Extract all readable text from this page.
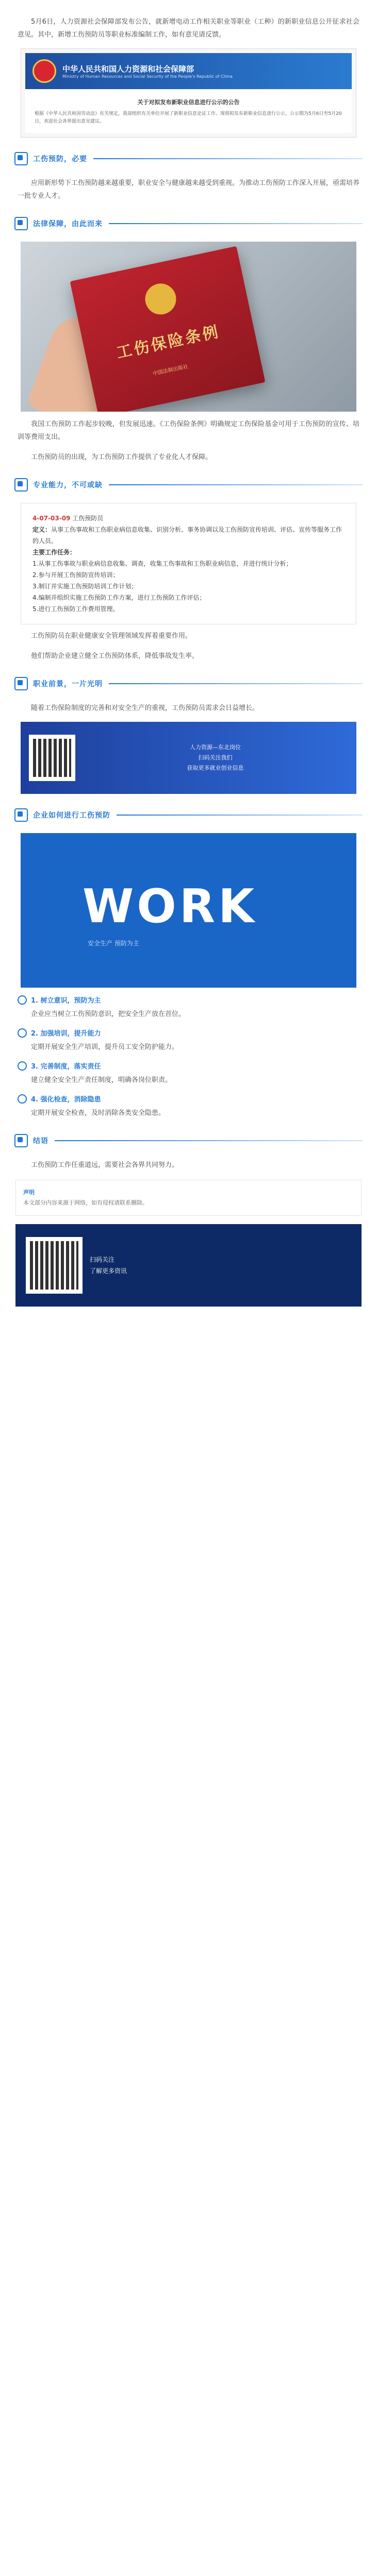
5月6日，人力资源社会保障部发布公告，就新增电动工作相关职业等职业（工种）的新职业信息公开征求社会意见。其中，新增工伤预防员等职业标准编制工作，如有意见请反馈。

中华人民共和国人力资源和社会保障部
Ministry of Human Resources and Social Security of the People's Republic of China
关于对拟发布新职业信息进行公示的公告
根据《中华人民共和国劳动法》有关规定，我部组织有关单位开展了新职业信息论证工作。现将拟发布新职业信息进行公示，公示期为5月6日至5月20日，欢迎社会各界提出意见建议。
工伤预防，必要

应用新形势下工伤预防越来越重要，职业安全与健康越来越受到重视。为推动工伤预防工作深入开展，亟需培养一批专业人才。

法律保障，由此而来
工伤保险条例
中国法制出版社

我国工伤预防工作起步较晚，但发展迅速。《工伤保险条例》明确规定工伤保险基金可用于工伤预防的宣传、培训等费用支出。

工伤预防员的出现，为工伤预防工作提供了专业化人才保障。

专业能力，不可或缺
4-07-03-09 工伤预防员
定义：从事工伤事故和工伤职业病信息收集、识别分析、事务协调以及工伤预防宣传培训、评估、宣传等服务工作的人员。
主要工作任务：
1.从事工伤事故与职业病信息收集、调查，收集工伤事故和工伤职业病信息，并进行统计分析；
2.参与开展工伤预防宣传培训；
3.制订并实施工伤预防培训工作计划；
4.编制并组织实施工伤预防工作方案，进行工伤预防工作评估；
5.进行工伤预防工作费用管理。

工伤预防员在职业健康安全管理领域发挥着重要作用。

他们帮助企业建立健全工伤预防体系，降低事故发生率。

职业前景，一片光明

随着工伤保险制度的完善和对安全生产的重视，工伤预防员需求会日益增长。

人力资源—东北岗位
扫码关注我们
获取更多就业创业信息
企业如何进行工伤预防
WORK
安全生产 预防为主
1. 树立意识，预防为主

企业应当树立工伤预防意识，把安全生产放在首位。

2. 加强培训，提升能力

定期开展安全生产培训，提升员工安全防护能力。

3. 完善制度，落实责任

建立健全安全生产责任制度，明确各岗位职责。

4. 强化检查，消除隐患

定期开展安全检查，及时消除各类安全隐患。

结语

工伤预防工作任重道远，需要社会各界共同努力。

声明
本文部分内容来源于网络，如有侵权请联系删除。
扫码关注
了解更多资讯
